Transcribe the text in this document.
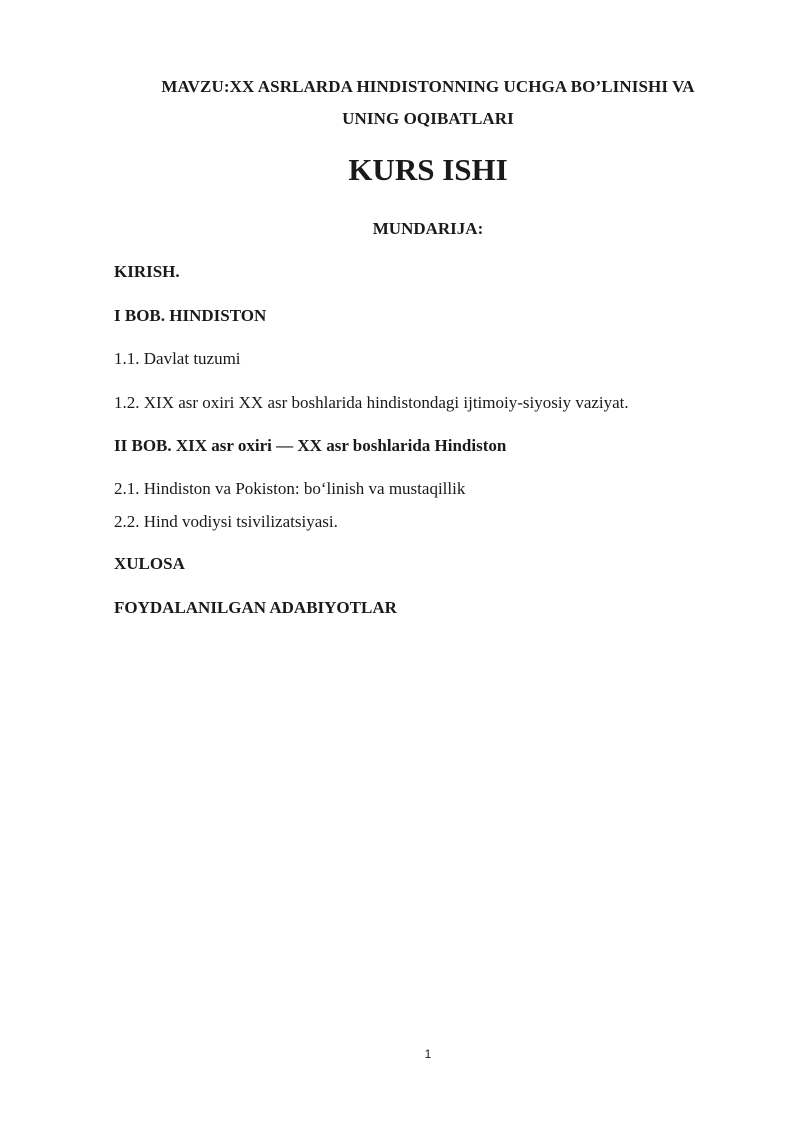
MAVZU:XX ASRLARDA HINDISTONNING UCHGA BO’LINISHI VA
UNING OQIBATLARI
KURS ISHI
MUNDARIJA:
KIRISH.
I BOB. HINDISTON
1.1. Davlat tuzumi
1.2. XIX asr oxiri XX asr boshlarida hindistondagi ijtimoiy-siyosiy vaziyat.
II BOB. XIX asr oxiri — XX asr boshlarida Hindiston
2.1. Hindiston va Pokiston: bo‘linish va mustaqillik
2.2. Hind vodiysi tsivilizatsiyasi.
XULOSA
FOYDALANILGAN ADABIYOTLAR
1
